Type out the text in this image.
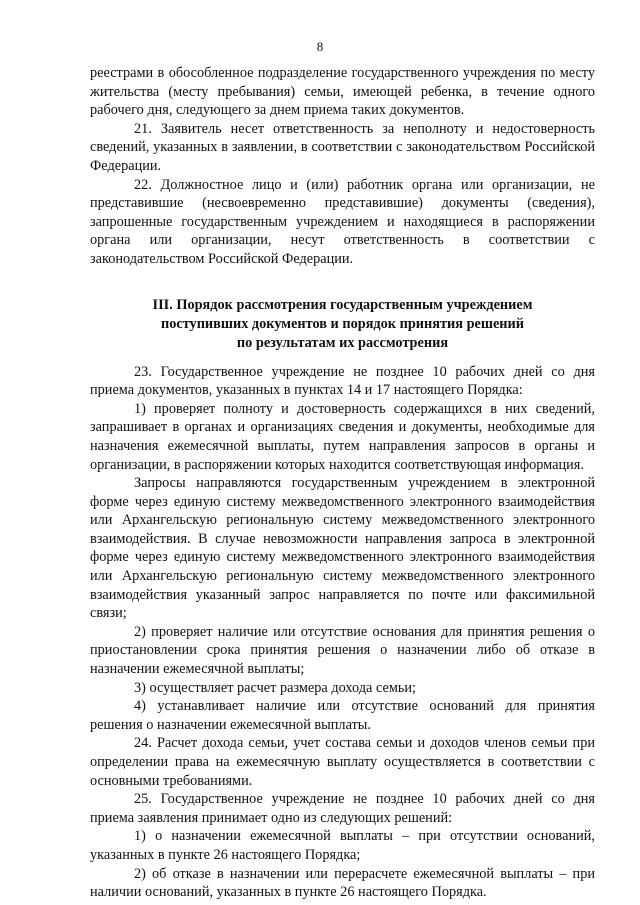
8

реестрами в обособленное подразделение государственного учреждения по месту жительства (месту пребывания) семьи, имеющей ребенка, в течение одного рабочего дня, следующего за днем приема таких документов.

21. Заявитель несет ответственность за неполноту и недостоверность сведений, указанных в заявлении, в соответствии с законодательством Российской Федерации.

22. Должностное лицо и (или) работник органа или организации, не представившие (несвоевременно представившие) документы (сведения), запрошенные государственным учреждением и находящиеся в распоряжении органа или организации, несут ответственность в соответствии с законодательством Российской Федерации.

III. Порядок рассмотрения государственным учреждением
поступивших документов и порядок принятия решений
по результатам их рассмотрения

23. Государственное учреждение не позднее 10 рабочих дней со дня приема документов, указанных в пунктах 14 и 17 настоящего Порядка:

1) проверяет полноту и достоверность содержащихся в них сведений, запрашивает в органах и организациях сведения и документы, необходимые для назначения ежемесячной выплаты, путем направления запросов в органы и организации, в распоряжении которых находится соответствующая информация.

Запросы направляются государственным учреждением в электронной форме через единую систему межведомственного электронного взаимодействия или Архангельскую региональную систему межведомственного электронного взаимодействия. В случае невозможности направления запроса в электронной форме через единую систему межведомственного электронного взаимодействия или Архангельскую региональную систему межведомственного электронного взаимодействия указанный запрос направляется по почте или факсимильной связи;

2) проверяет наличие или отсутствие основания для принятия решения о приостановлении срока принятия решения о назначении либо об отказе в назначении ежемесячной выплаты;

3) осуществляет расчет размера дохода семьи;

4) устанавливает наличие или отсутствие оснований для принятия решения о назначении ежемесячной выплаты.

24. Расчет дохода семьи, учет состава семьи и доходов членов семьи при определении права на ежемесячную выплату осуществляется в соответствии с основными требованиями.

25. Государственное учреждение не позднее 10 рабочих дней со дня приема заявления принимает одно из следующих решений:

1) о назначении ежемесячной выплаты – при отсутствии оснований, указанных в пункте 26 настоящего Порядка;

2) об отказе в назначении или перерасчете ежемесячной выплаты – при наличии оснований, указанных в пункте 26 настоящего Порядка.
